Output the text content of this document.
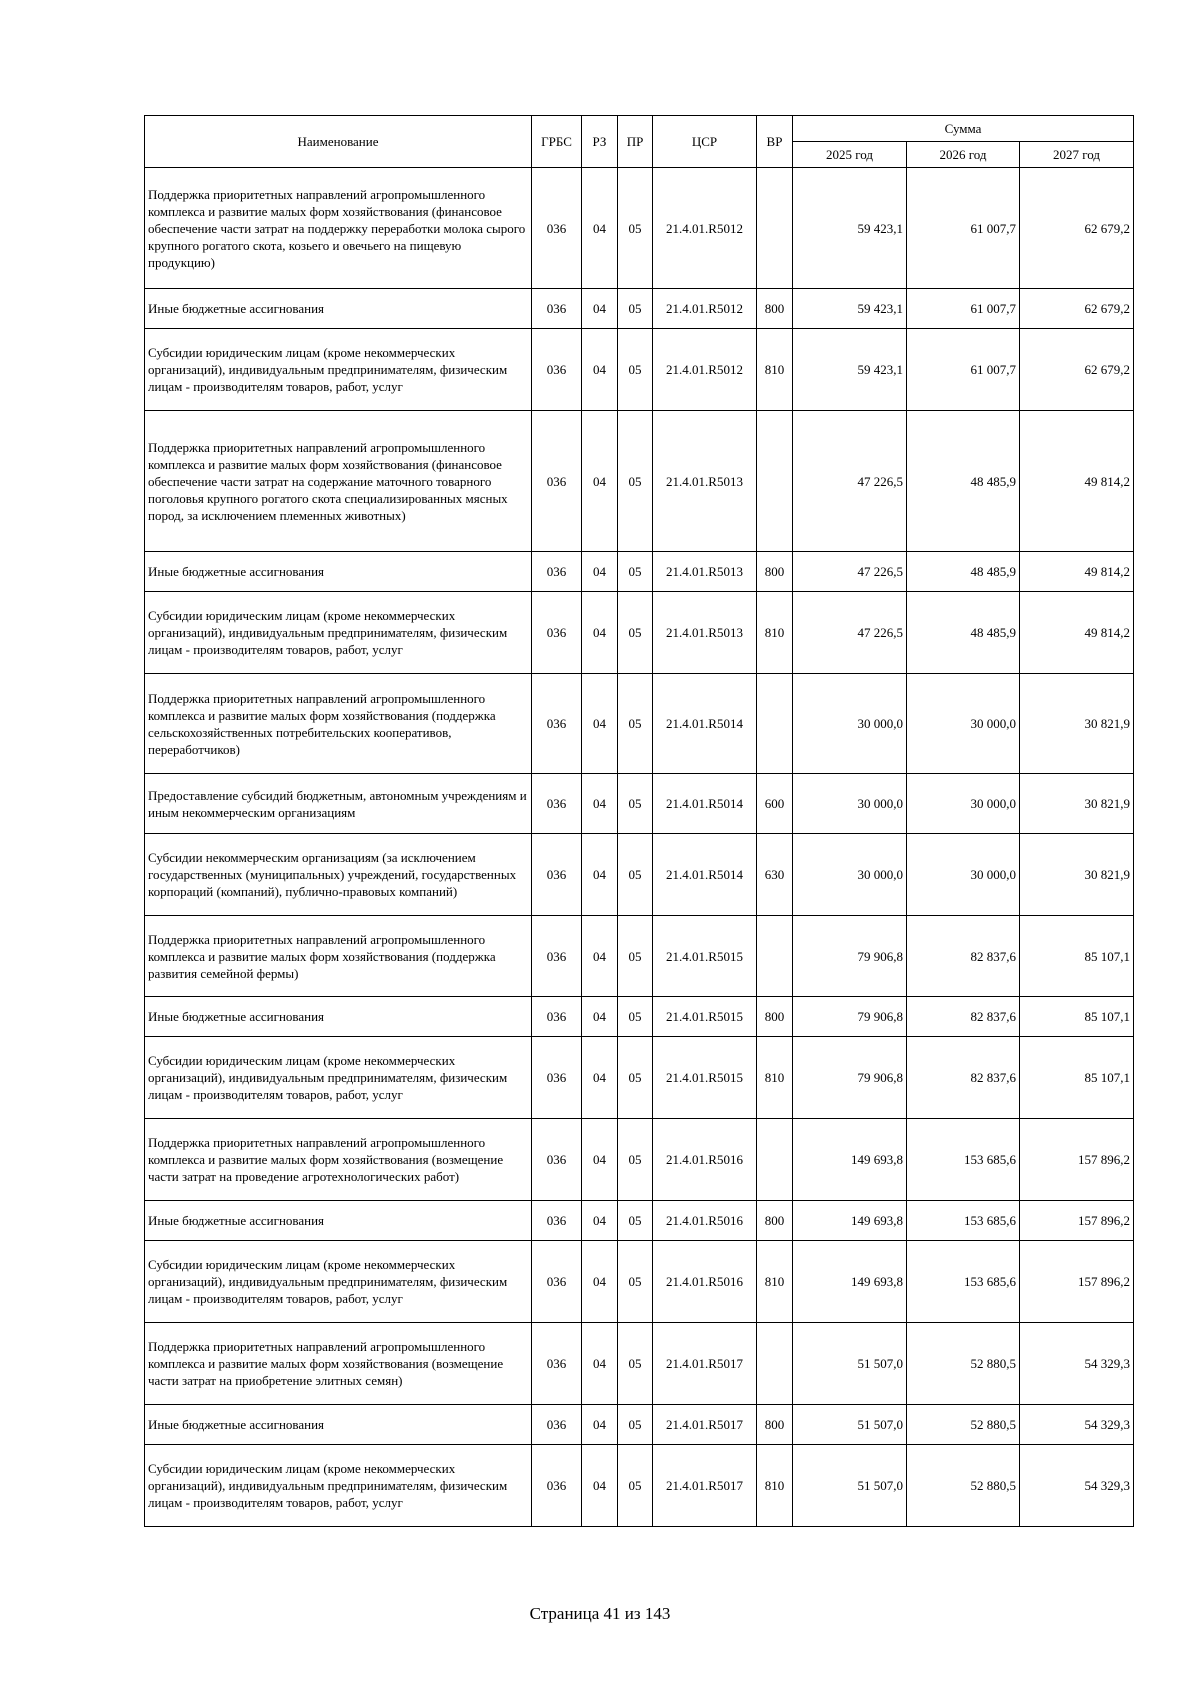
Наименование	ГРБС	РЗ	ПР	ЦСР	ВР	Сумма		
						2025 год	2026 год	2027 год
Поддержка приоритетных направлений агропромышленного комплекса и развитие малых форм хозяйствования (финансовое обеспечение части затрат на поддержку переработки молока сырого крупного рогатого скота, козьего и овечьего на пищевую продукцию)	036	04	05	21.4.01.R5012		59 423,1	61 007,7	62 679,2
Иные бюджетные ассигнования	036	04	05	21.4.01.R5012	800	59 423,1	61 007,7	62 679,2
Субсидии юридическим лицам (кроме некоммерческих организаций), индивидуальным предпринимателям, физическим лицам - производителям товаров, работ, услуг	036	04	05	21.4.01.R5012	810	59 423,1	61 007,7	62 679,2
Поддержка приоритетных направлений агропромышленного комплекса и развитие малых форм хозяйствования (финансовое обеспечение части затрат на содержание маточного товарного поголовья крупного рогатого скота специализированных мясных пород, за исключением племенных животных)	036	04	05	21.4.01.R5013		47 226,5	48 485,9	49 814,2
Иные бюджетные ассигнования	036	04	05	21.4.01.R5013	800	47 226,5	48 485,9	49 814,2
Субсидии юридическим лицам (кроме некоммерческих организаций), индивидуальным предпринимателям, физическим лицам - производителям товаров, работ, услуг	036	04	05	21.4.01.R5013	810	47 226,5	48 485,9	49 814,2
Поддержка приоритетных направлений агропромышленного комплекса и развитие малых форм хозяйствования (поддержка сельскохозяйственных потребительских кооперативов, переработчиков)	036	04	05	21.4.01.R5014		30 000,0	30 000,0	30 821,9
Предоставление субсидий бюджетным, автономным учреждениям и иным некоммерческим организациям	036	04	05	21.4.01.R5014	600	30 000,0	30 000,0	30 821,9
Субсидии некоммерческим организациям (за исключением государственных (муниципальных) учреждений, государственных корпораций (компаний), публично-правовых компаний)	036	04	05	21.4.01.R5014	630	30 000,0	30 000,0	30 821,9
Поддержка приоритетных направлений агропромышленного комплекса и развитие малых форм хозяйствования (поддержка развития семейной фермы)	036	04	05	21.4.01.R5015		79 906,8	82 837,6	85 107,1
Иные бюджетные ассигнования	036	04	05	21.4.01.R5015	800	79 906,8	82 837,6	85 107,1
Субсидии юридическим лицам (кроме некоммерческих организаций), индивидуальным предпринимателям, физическим лицам - производителям товаров, работ, услуг	036	04	05	21.4.01.R5015	810	79 906,8	82 837,6	85 107,1
Поддержка приоритетных направлений агропромышленного комплекса и развитие малых форм хозяйствования (возмещение части затрат на проведение агротехнологических работ)	036	04	05	21.4.01.R5016		149 693,8	153 685,6	157 896,2
Иные бюджетные ассигнования	036	04	05	21.4.01.R5016	800	149 693,8	153 685,6	157 896,2
Субсидии юридическим лицам (кроме некоммерческих организаций), индивидуальным предпринимателям, физическим лицам - производителям товаров, работ, услуг	036	04	05	21.4.01.R5016	810	149 693,8	153 685,6	157 896,2
Поддержка приоритетных направлений агропромышленного комплекса и развитие малых форм хозяйствования (возмещение части затрат на приобретение элитных семян)	036	04	05	21.4.01.R5017		51 507,0	52 880,5	54 329,3
Иные бюджетные ассигнования	036	04	05	21.4.01.R5017	800	51 507,0	52 880,5	54 329,3
Субсидии юридическим лицам (кроме некоммерческих организаций), индивидуальным предпринимателям, физическим лицам - производителям товаров, работ, услуг	036	04	05	21.4.01.R5017	810	51 507,0	52 880,5	54 329,3
Страница 41 из 143
